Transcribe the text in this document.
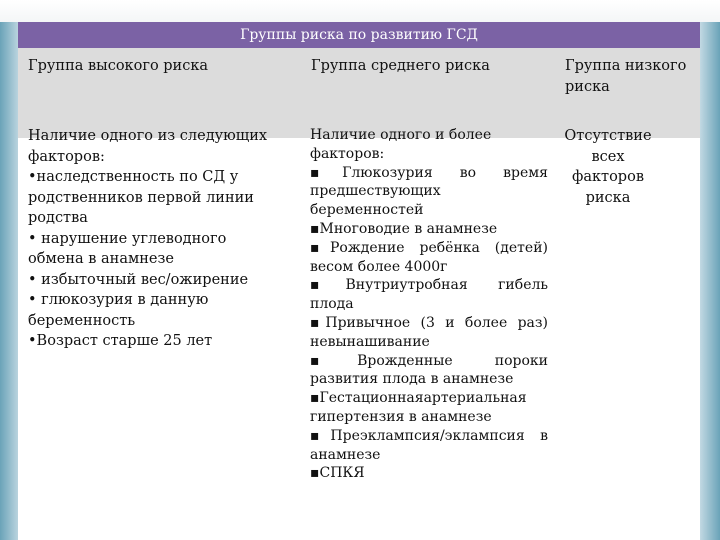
Группы риска по развитию ГСД
Группа высокого риска	Группа среднего риска	Группа низкого риска
Наличие одного из следующих
факторов:
•наследственность по СД у
родственников первой линии
родства
• нарушение углеводного
обмена в анамнезе
• избыточный вес/ожирение
• глюкозурия в данную
беременность
•Возраст старше 25 лет
Наличие одного и более
факторов:
▪Глюкозурия во время
предшествующих
беременностей
▪Многоводие в анамнезе
▪Рождение ребёнка (детей)
весом более 4000г
▪Внутриутробная гибель
плода
▪Привычное (3 и более раз)
невынашивание
▪Врожденные пороки
развития плода в анамнезе
▪Гестационнаяартериальная
гипертензия в анамнезе
▪Преэклампсия/эклампсия в
анамнезе
▪СПКЯ
Отсутствие
всех
факторов
риска
